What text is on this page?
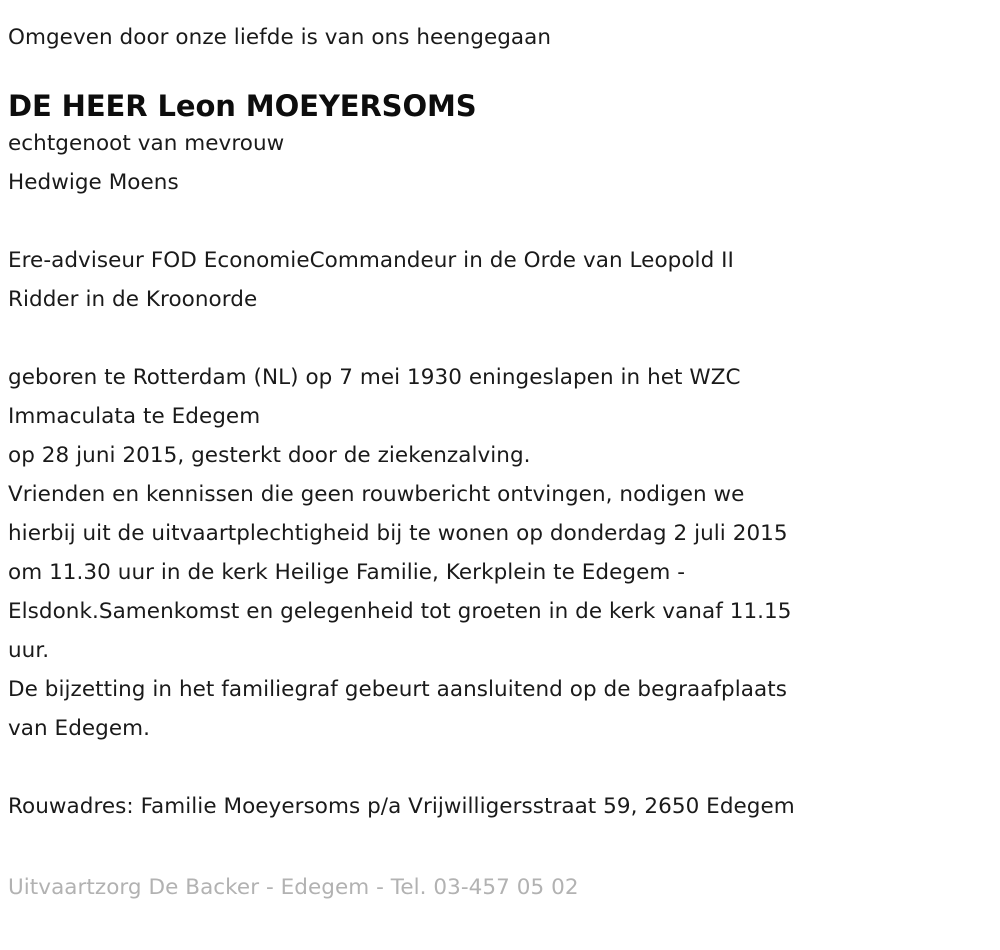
Omgeven door onze liefde is van ons heengegaan
DE HEER Leon MOEYERSOMS
echtgenoot van mevrouw
Hedwige Moens
Ere-adviseur FOD EconomieCommandeur in de Orde van Leopold II
Ridder in de Kroonorde
geboren te Rotterdam (NL) op 7 mei 1930 eningeslapen in het WZC
Immaculata te Edegem
op 28 juni 2015, gesterkt door de ziekenzalving.
Vrienden en kennissen die geen rouwbericht ontvingen, nodigen we
hierbij uit de uitvaartplechtigheid bij te wonen op donderdag 2 juli 2015
om 11.30 uur in de kerk Heilige Familie, Kerkplein te Edegem -
Elsdonk.Samenkomst en gelegenheid tot groeten in de kerk vanaf 11.15
uur.
De bijzetting in het familiegraf gebeurt aansluitend op de begraafplaats
van Edegem.
Rouwadres: Familie Moeyersoms p/a Vrijwilligersstraat 59, 2650 Edegem
Uitvaartzorg De Backer - Edegem - Tel. 03-457 05 02
